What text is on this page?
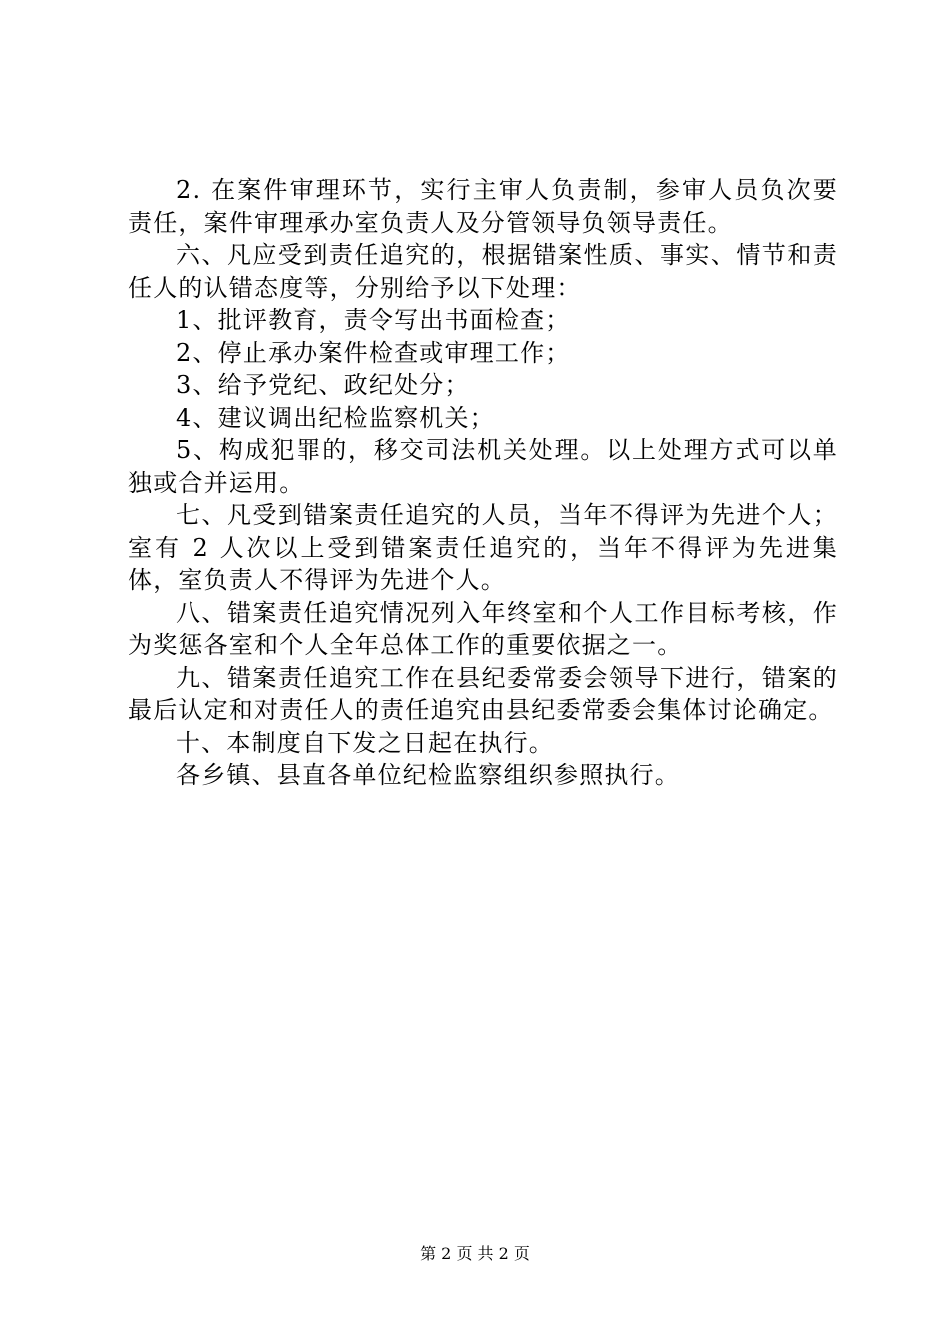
2. 在案件审理环节，实行主审人负责制，参审人员负次要责任，案件审理承办室负责人及分管领导负领导责任。

六、凡应受到责任追究的，根据错案性质、事实、情节和责任人的认错态度等，分别给予以下处理：

1、批评教育，责令写出书面检查；

2、停止承办案件检查或审理工作；

3、给予党纪、政纪处分；

4、建议调出纪检监察机关；

5、构成犯罪的，移交司法机关处理。以上处理方式可以单独或合并运用。

七、凡受到错案责任追究的人员，当年不得评为先进个人；室有 2 人次以上受到错案责任追究的，当年不得评为先进集体，室负责人不得评为先进个人。

八、错案责任追究情况列入年终室和个人工作目标考核，作为奖惩各室和个人全年总体工作的重要依据之一。

九、错案责任追究工作在县纪委常委会领导下进行，错案的最后认定和对责任人的责任追究由县纪委常委会集体讨论确定。

十、本制度自下发之日起在执行。

各乡镇、县直各单位纪检监察组织参照执行。

第 2 页 共 2 页
